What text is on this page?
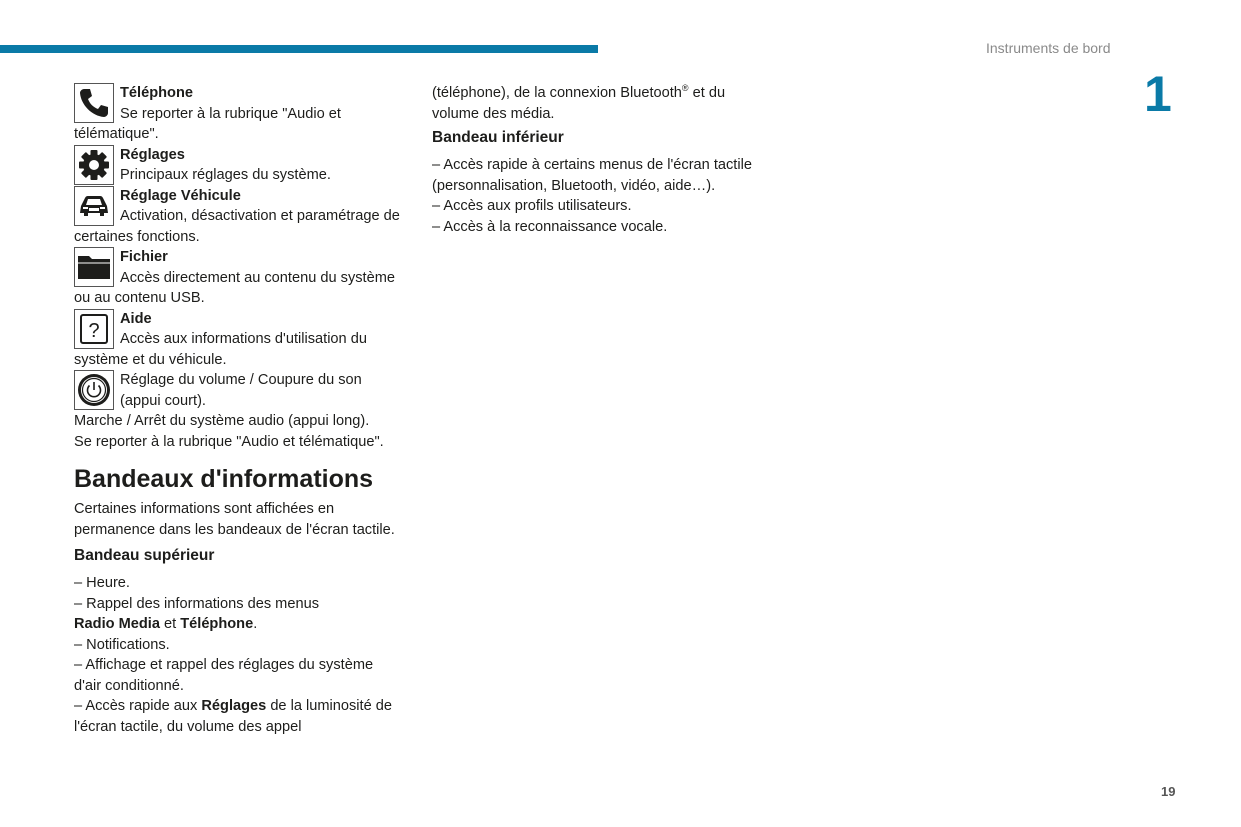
Instruments de bord
1
Téléphone
Se reporter à la rubrique "Audio et télématique".
Réglages
Principaux réglages du système.
Réglage Véhicule
Activation, désactivation et paramétrage de certaines fonctions.
Fichier
Accès directement au contenu du système ou au contenu USB.
?
Aide
Accès aux informations d'utilisation du système et du véhicule.
Réglage du volume / Coupure du son (appui court).
Marche / Arrêt du système audio (appui long).
Se reporter à la rubrique "Audio et télématique".
Bandeaux d'informations

Certaines informations sont affichées en permanence dans les bandeaux de l'écran tactile.

Bandeau supérieur

– Heure.

– Rappel des informations des menus
Radio Media et Téléphone.

– Notifications.

– Affichage et rappel des réglages du système d'air conditionné.

– Accès rapide aux Réglages de la luminosité de l'écran tactile, du volume des appel

(téléphone), de la connexion Bluetooth® et du volume des média.

Bandeau inférieur

– Accès rapide à certains menus de l'écran tactile (personnalisation, Bluetooth, vidéo, aide…).

– Accès aux profils utilisateurs.

– Accès à la reconnaissance vocale.

19
